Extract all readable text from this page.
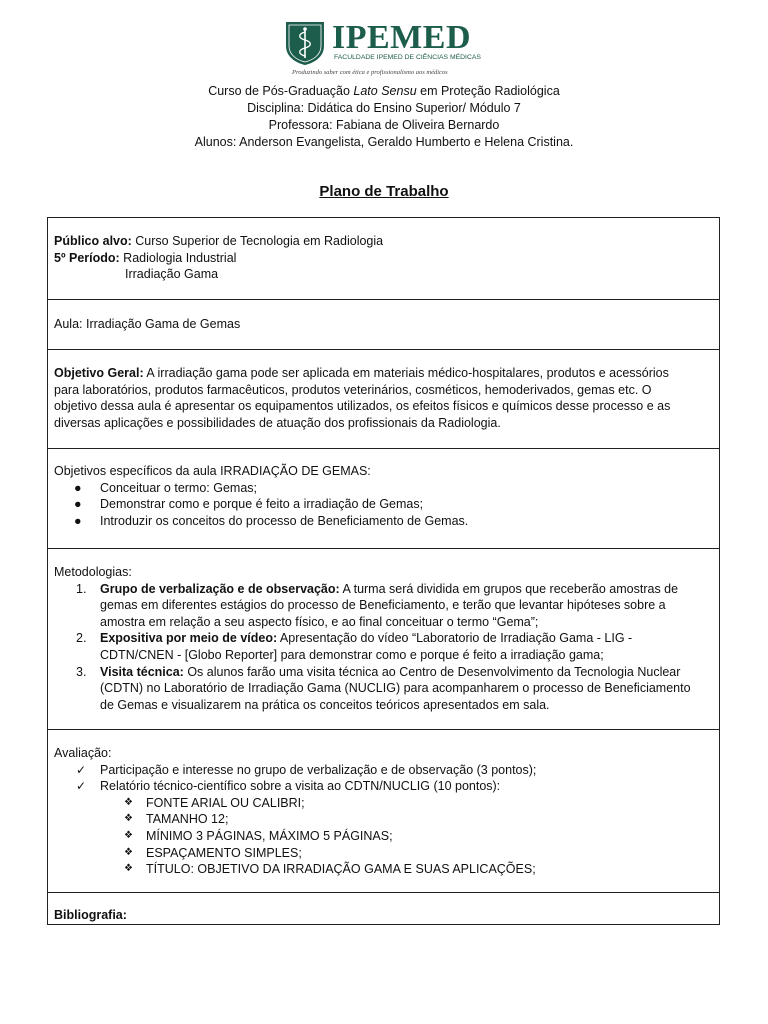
IPEMED
FACULDADE IPEMED DE CIÊNCIAS MÉDICAS
Produzindo saber com ética e profissionalismo aos médicos
Curso de Pós-Graduação Lato Sensu em Proteção Radiológica
Disciplina: Didática do Ensino Superior/ Módulo 7
Professora: Fabiana de Oliveira Bernardo
Alunos: Anderson Evangelista, Geraldo Humberto e Helena Cristina.
Plano de Trabalho
Público alvo: Curso Superior de Tecnologia em Radiologia
5º Período: Radiologia Industrial
Irradiação Gama
Aula: Irradiação Gama de Gemas
Objetivo Geral: A irradiação gama pode ser aplicada em materiais médico-hospitalares, produtos e acessórios
para laboratórios, produtos farmacêuticos, produtos veterinários, cosméticos, hemoderivados, gemas etc. O
objetivo dessa aula é apresentar os equipamentos utilizados, os efeitos físicos e químicos desse processo e as
diversas aplicações e possibilidades de atuação dos profissionais da Radiologia.
Objetivos específicos da aula IRRADIAÇÃO DE GEMAS:
● Conceituar o termo: Gemas;
● Demonstrar como e porque é feito a irradiação de Gemas;
● Introduzir os conceitos do processo de Beneficiamento de Gemas.
Metodologias:
1. Grupo de verbalização e de observação: A turma será dividida em grupos que receberão amostras de
gemas em diferentes estágios do processo de Beneficiamento, e terão que levantar hipóteses sobre a
amostra em relação a seu aspecto físico, e ao final conceituar o termo “Gema”;
2. Expositiva por meio de vídeo: Apresentação do vídeo “Laboratorio de Irradiação Gama - LIG -
CDTN/CNEN - [Globo Reporter] para demonstrar como e porque é feito a irradiação gama;
3. Visita técnica: Os alunos farão uma visita técnica ao Centro de Desenvolvimento da Tecnologia Nuclear
(CDTN) no Laboratório de Irradiação Gama (NUCLIG) para acompanharem o processo de Beneficiamento
de Gemas e visualizarem na prática os conceitos teóricos apresentados em sala.
Avaliação:
✓ Participação e interesse no grupo de verbalização e de observação (3 pontos);
✓ Relatório técnico-científico sobre a visita ao CDTN/NUCLIG (10 pontos):
❖ FONTE ARIAL OU CALIBRI;
❖ TAMANHO 12;
❖ MÍNIMO 3 PÁGINAS, MÁXIMO 5 PÁGINAS;
❖ ESPAÇAMENTO SIMPLES;
❖ TÍTULO: OBJETIVO DA IRRADIAÇÃO GAMA E SUAS APLICAÇÕES;
Bibliografia:
